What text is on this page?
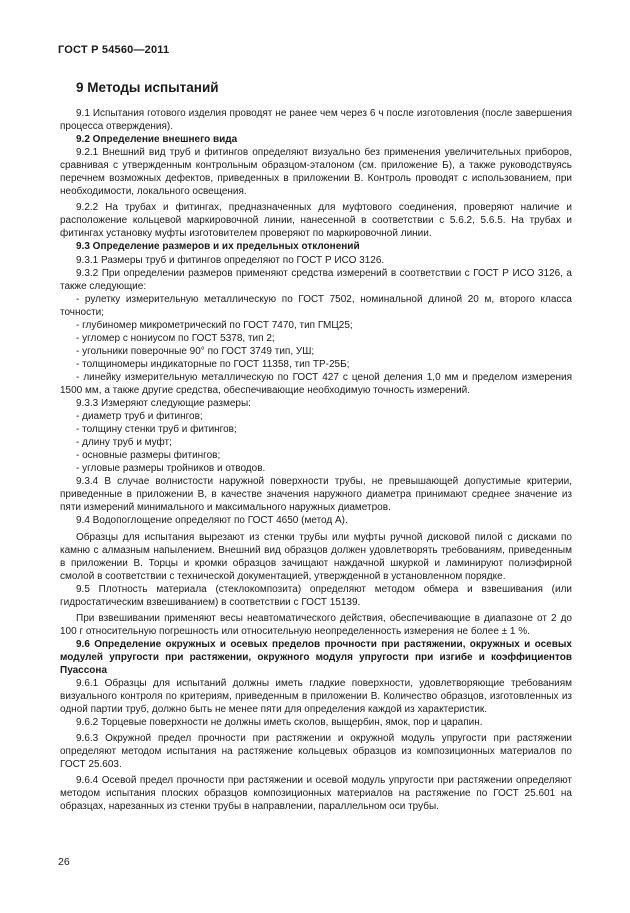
ГОСТ Р 54560—2011
9 Методы испытаний

9.1 Испытания готового изделия проводят не ранее чем через 6 ч после изготовления (после завершения процесса отверждения).

9.2 Определение внешнего вида

9.2.1 Внешний вид труб и фитингов определяют визуально без применения увеличительных приборов, сравнивая с утвержденным контрольным образцом-эталоном (см. приложение Б), а также руководствуясь перечнем возможных дефектов, приведенных в приложении В. Контроль проводят с использованием, при необходимости, локального освещения.

9.2.2 На трубах и фитингах, предназначенных для муфтового соединения, проверяют наличие и расположение кольцевой маркировочной линии, нанесенной в соответствии с 5.6.2, 5.6.5. На трубах и фитингах установку муфты изготовителем проверяют по маркировочной линии.

9.3 Определение размеров и их предельных отклонений

9.3.1 Размеры труб и фитингов определяют по ГОСТ Р ИСО 3126.

9.3.2 При определении размеров применяют средства измерений в соответствии с ГОСТ Р ИСО 3126, а также следующие:

- рулетку измерительную металлическую по ГОСТ 7502, номинальной длиной 20 м, второго класса точности;

- глубиномер микрометрический по ГОСТ 7470, тип ГМЦ25;

- угломер с нониусом по ГОСТ 5378, тип 2;

- угольники поверочные 90° по ГОСТ 3749 тип, УШ;

- толщиномеры индикаторные по ГОСТ 11358, тип ТР-25Б;

- линейку измерительную металлическую по ГОСТ 427 с ценой деления 1,0 мм и пределом измерения 1500 мм, а также другие средства, обеспечивающие необходимую точность измерений.

9.3.3 Измеряют следующие размеры:

- диаметр труб и фитингов;

- толщину стенки труб и фитингов;

- длину труб и муфт;

- основные размеры фитингов;

- угловые размеры тройников и отводов.

9.3.4 В случае волнистости наружной поверхности трубы, не превышающей допустимые критерии, приведенные в приложении В, в качестве значения наружного диаметра принимают среднее значение из пяти измерений минимального и максимального наружных диаметров.

9.4 Водопоглощение определяют по ГОСТ 4650 (метод А).

Образцы для испытания вырезают из стенки трубы или муфты ручной дисковой пилой с дисками по камню с алмазным напылением. Внешний вид образцов должен удовлетворять требованиям, приведенным в приложении В. Торцы и кромки образцов зачищают наждачной шкуркой и ламинируют полиэфирной смолой в соответствии с технической документацией, утвержденной в установленном порядке.

9.5 Плотность материала (стеклокомпозита) определяют методом обмера и взвешивания (или гидростатическим взвешиванием) в соответствии с ГОСТ 15139.

При взвешивании применяют весы неавтоматического действия, обеспечивающие в диапазоне от 2 до 100 г относительную погрешность или относительную неопределенность измерения не более ± 1 %.

9.6 Определение окружных и осевых пределов прочности при растяжении, окружных и осевых модулей упругости при растяжении, окружного модуля упругости при изгибе и коэффициентов Пуассона

9.6.1 Образцы для испытаний должны иметь гладкие поверхности, удовлетворяющие требованиям визуального контроля по критериям, приведенным в приложении В. Количество образцов, изготовленных из одной партии труб, должно быть не менее пяти для определения каждой из характеристик.

9.6.2 Торцевые поверхности не должны иметь сколов, выщербин, ямок, пор и царапин.

9.6.3 Окружной предел прочности при растяжении и окружной модуль упругости при растяжении определяют методом испытания на растяжение кольцевых образцов из композиционных материалов по ГОСТ 25.603.

9.6.4 Осевой предел прочности при растяжении и осевой модуль упругости при растяжении определяют методом испытания плоских образцов композиционных материалов на растяжение по ГОСТ 25.601 на образцах, нарезанных из стенки трубы в направлении, параллельном оси трубы.

26
